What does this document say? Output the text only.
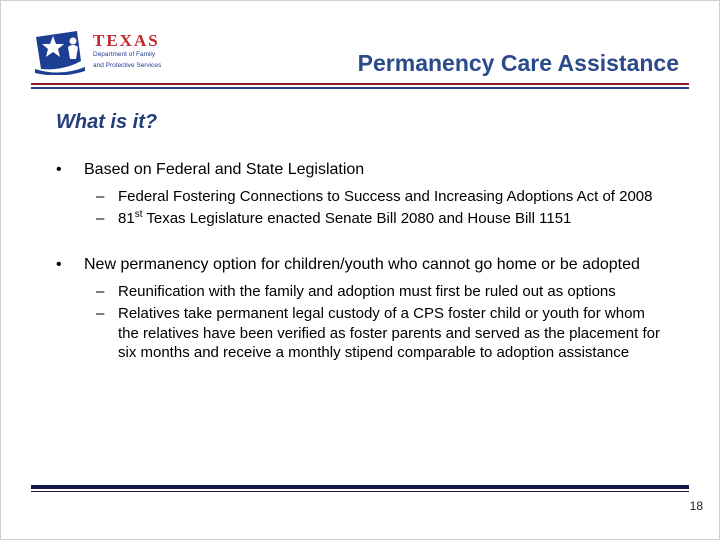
TEXAS
Department of Family
and Protective Services	Permanency Care Assistance
What is it?
•	Based on Federal and State Legislation
– Federal Fostering Connections to Success and Increasing Adoptions Act of 2008
– 81st Texas Legislature enacted Senate Bill 2080 and House Bill 1151
•	New permanency option for children/youth who cannot go home or be adopted
– Reunification with the family and adoption must first be ruled out as options
– Relatives take permanent legal custody of a CPS foster child or youth for whom the relatives have been verified as foster parents and served as the placement for six months and receive a monthly stipend comparable to adoption assistance
18
